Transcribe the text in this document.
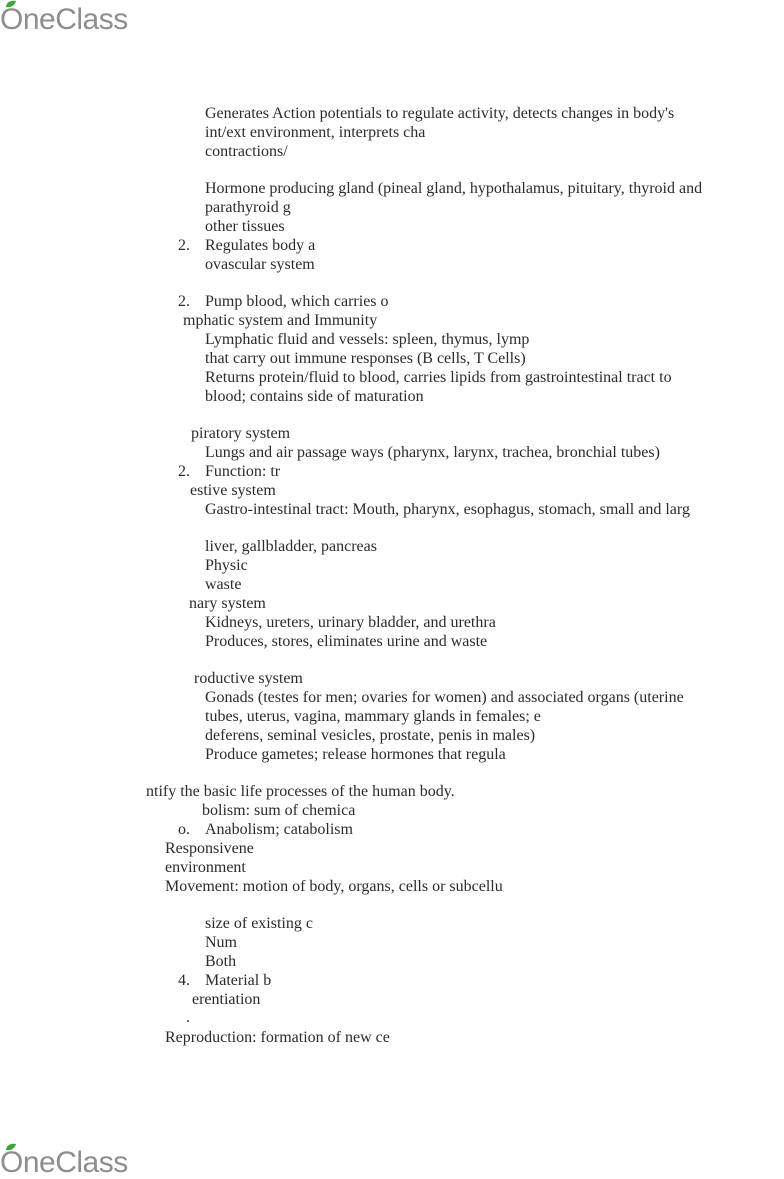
OneClass
Generates Action potentials to regulate activity, detects changes in body's
int/ext environment, interprets cha
contractions/
Hormone producing gland (pineal gland, hypothalamus, pituitary, thyroid and
parathyroid g
other tissues
2. Regulates body a
ovascular system
2. Pump blood, which carries o
mphatic system and Immunity
Lymphatic fluid and vessels: spleen, thymus, lymp
that carry out immune responses (B cells, T Cells)
Returns protein/fluid to blood, carries lipids from gastrointestinal tract to
blood; contains side of maturation
piratory system
Lungs and air passage ways (pharynx, larynx, trachea, bronchial tubes)
2. Function: tr
estive system
Gastro-intestinal tract: Mouth, pharynx, esophagus, stomach, small and larg
liver, gallbladder, pancreas
Physic
waste
nary system
Kidneys, ureters, urinary bladder, and urethra
Produces, stores, eliminates urine and waste
roductive system
Gonads (testes for men; ovaries for women) and associated organs (uterine
tubes, uterus, vagina, mammary glands in females; e
deferens, seminal vesicles, prostate, penis in males)
Produce gametes; release hormones that regula
ntify the basic life processes of the human body.
bolism: sum of chemica
o. Anabolism; catabolism
Responsivene
environment
Movement: motion of body, organs, cells or subcellu
size of existing c
Num
Both
4. Material b
erentiation
.
Reproduction: formation of new ce
OneClass
